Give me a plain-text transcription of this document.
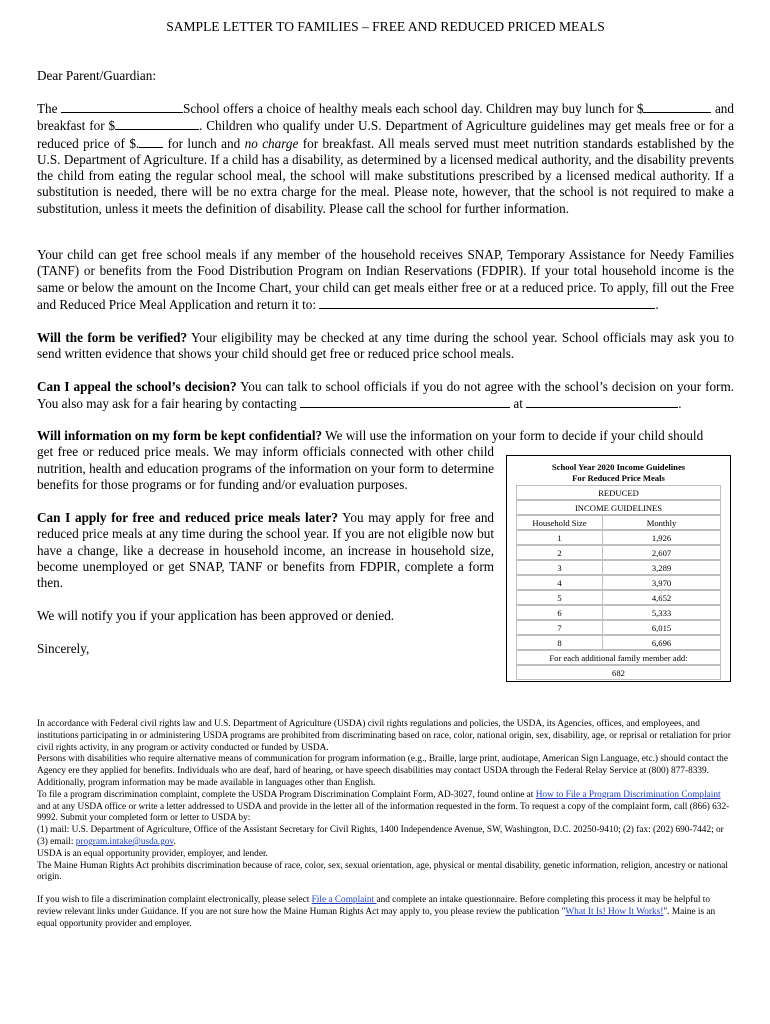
SAMPLE LETTER TO FAMILIES – FREE AND REDUCED PRICED MEALS

Dear Parent/Guardian:

The	School offers a choice of healthy meals each school day. Children may buy lunch for $	and breakfast for $	. Children who qualify under U.S. Department of Agriculture guidelines may get meals free or for a reduced price of $. for lunch and no charge for breakfast. All meals served must meet nutrition standards established by the U.S. Department of Agriculture. If a child has a disability, as determined by a licensed medical authority, and the disability prevents the child from eating the regular school meal, the school will make substitutions prescribed by a licensed medical authority. If a substitution is needed, there will be no extra charge for the meal. Please note, however, that the school is not required to make a substitution, unless it meets the definition of disability. Please call the school for further information.

Your child can get free school meals if any member of the household receives SNAP, Temporary Assistance for Needy Families (TANF) or benefits from the Food Distribution Program on Indian Reservations (FDPIR). If your total household income is the same or below the amount on the Income Chart, your child can get meals either free or at a reduced price. To apply, fill out the Free and Reduced Price Meal Application and return it to:	.

Will the form be verified? Your eligibility may be checked at any time during the school year. School officials may ask you to send written evidence that shows your child should get free or reduced price school meals.

Can I appeal the school’s decision? You can talk to school officials if you do not agree with the school’s decision on your form. You also may ask for a fair hearing by contacting	at	.

Will information on my form be kept confidential? We will use the information on your form to decide if your child should
get free or reduced price meals. We may inform officials connected with other child nutrition, health and education programs of the information on your form to determine benefits for those programs or for funding and/or evaluation purposes.

Can I apply for free and reduced price meals later? You may apply for free and reduced price meals at any time during the school year. If you are not eligible now but have a change, like a decrease in household income, an increase in household size, become unemployed or get SNAP, TANF or benefits from FDPIR, complete a form then.

We will notify you if your application has been approved or denied.

Sincerely,

In accordance with Federal civil rights law and U.S. Department of Agriculture (USDA) civil rights regulations and policies, the USDA, its Agencies, offices, and employees, and institutions participating in or administering USDA programs are prohibited from discriminating based on race, color, national origin, sex, disability, age, or reprisal or retaliation for prior civil rights activity, in any program or activity conducted or funded by USDA.
Persons with disabilities who require alternative means of communication for program information (e.g., Braille, large print, audiotape, American Sign Language, etc.) should contact the Agency ere they applied for benefits. Individuals who are deaf, hard of hearing, or have speech disabilities may contact USDA through the Federal Relay Service at (800) 877-8339. Additionally, program information may be made available in languages other than English.
To file a program discrimination complaint, complete the USDA Program Discrimination Complaint Form, AD-3027, found online at How to File a Program Discrimination Complaint and at any USDA office or write a letter addressed to USDA and provide in the letter all of the information requested in the form. To request a copy of the complaint form, call (866) 632-9992. Submit your completed form or letter to USDA by:
(1) mail: U.S. Department of Agriculture, Office of the Assistant Secretary for Civil Rights, 1400 Independence Avenue, SW, Washington, D.C. 20250-9410; (2) fax: (202) 690-7442; or (3) email: program.intake@usda.gov.
USDA is an equal opportunity provider, employer, and lender.
The Maine Human Rights Act prohibits discrimination because of race, color, sex, sexual orientation, age, physical or mental disability, genetic information, religion, ancestry or national origin.
If you wish to file a discrimination complaint electronically, please select File a Complaint and complete an intake questionnaire. Before completing this process it may be helpful to review relevant links under Guidance. If you are not sure how the Maine Human Rights Act may apply to, you please review the publication "What It Is! How It Works!". Maine is an equal opportunity provider and employer.
School Year 2020 Income Guidelines
For Reduced Price Meals
REDUCED
INCOME GUIDELINES
Household Size	Monthly
1	1,926
2	2,607
3	3,289
4	3,970
5	4,652
6	5,333
7	6,015
8	6,696
For each additional family member add:
682
